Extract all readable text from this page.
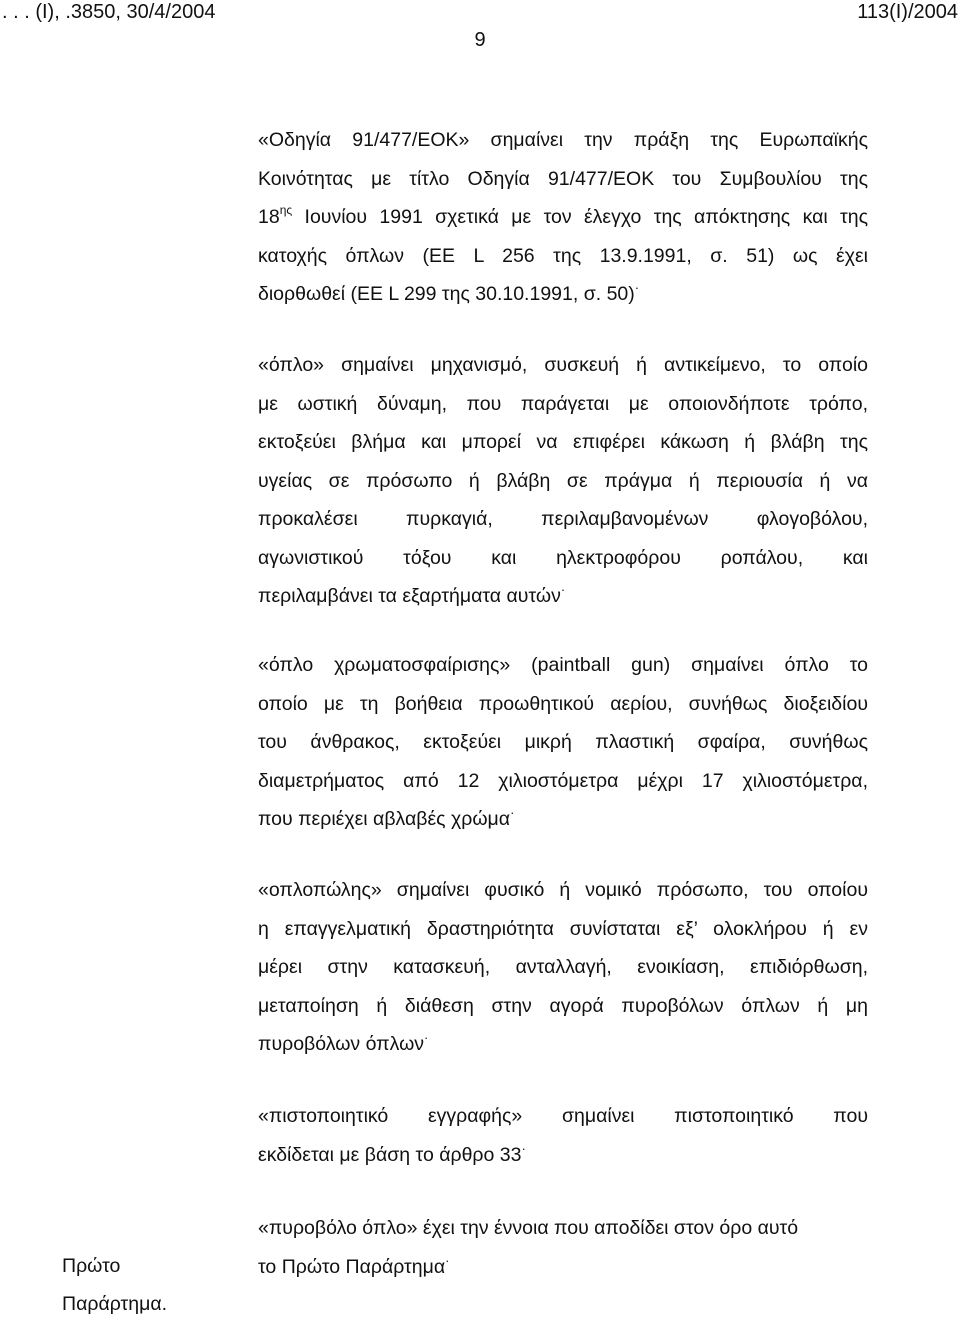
. . . (Ι), .3850, 30/4/2004	113(Ι)/2004
9
«Οδηγία 91/477/ΕΟΚ» σημαίνει την πράξη της Ευρωπαϊκής
Κοινότητας με τίτλο Οδηγία 91/477/ΕΟΚ του Συμβουλίου της
$18^{\eta\varsigma}$ Ιουνίου 1991 σχετικά με τον έλεγχο της απόκτησης και της
κατοχής όπλων (ΕΕ L 256 της 13.9.1991, σ. 51) ως έχει
διορθωθεί (ΕΕ L 299 της 30.10.1991, σ. 50)·
«όπλο» σημαίνει μηχανισμό, συσκευή ή αντικείμενο, το οποίο
με ωστική δύναμη, που παράγεται με οποιονδήποτε τρόπο,
εκτοξεύει βλήμα και μπορεί να επιφέρει κάκωση ή βλάβη της
υγείας σε πρόσωπο ή βλάβη σε πράγμα ή περιουσία ή να
προκαλέσει πυρκαγιά, περιλαμβανομένων φλογοβόλου,
αγωνιστικού τόξου και ηλεκτροφόρου ροπάλου, και
περιλαμβάνει τα εξαρτήματα αυτών·
«όπλο χρωματοσφαίρισης» (paintball gun) σημαίνει όπλο το
οποίο με τη βοήθεια προωθητικού αερίου, συνήθως διοξειδίου
του άνθρακος, εκτοξεύει μικρή πλαστική σφαίρα, συνήθως
διαμετρήματος από 12 χιλιοστόμετρα μέχρι 17 χιλιοστόμετρα,
που περιέχει αβλαβές χρώμα·
«οπλοπώλης» σημαίνει φυσικό ή νομικό πρόσωπο, του οποίου
η επαγγελματική δραστηριότητα συνίσταται εξ’ ολοκλήρου ή εν
μέρει στην κατασκευή, ανταλλαγή, ενοικίαση, επιδιόρθωση,
μεταποίηση ή διάθεση στην αγορά πυροβόλων όπλων ή μη
πυροβόλων όπλων·
«πιστοποιητικό εγγραφής» σημαίνει πιστοποιητικό που
εκδίδεται με βάση το άρθρο 33·
«πυροβόλο όπλο» έχει την έννοια που αποδίδει στον όρο αυτό
το Πρώτο Παράρτημα·
Πρώτο
Παράρτημα.
